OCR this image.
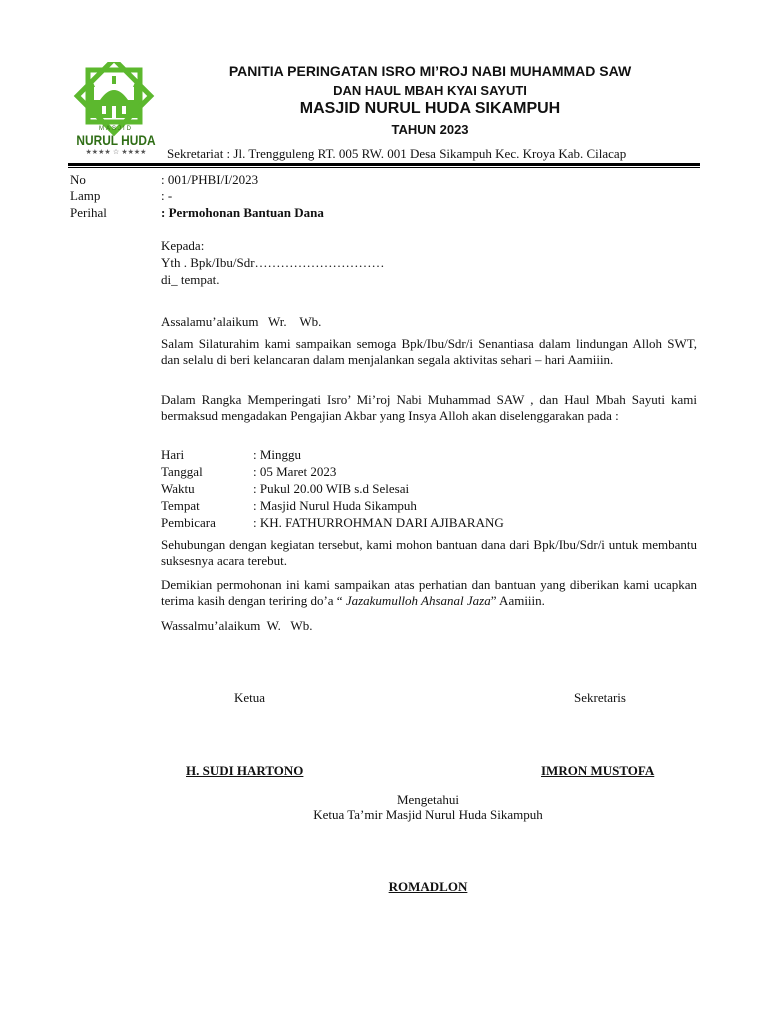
MASJID
NURUL HUDA
★★★★ ☆ ★★★★
PANITIA PERINGATAN ISRO MI’ROJ NABI MUHAMMAD SAW
DAN HAUL MBAH KYAI SAYUTI
MASJID NURUL HUDA SIKAMPUH
TAHUN 2023
Sekretariat : Jl. Trengguleng RT. 005 RW. 001 Desa Sikampuh Kec. Kroya Kab. Cilacap
No	: 001/PHBI/I/2023
Lamp	: -
Perihal	: Permohonan Bantuan Dana
Kepada:
Yth . Bpk/Ibu/Sdr…………………………
di_ tempat.
Assalamu’alaikum   Wr.    Wb.
Salam Silaturahim kami sampaikan semoga Bpk/Ibu/Sdr/i Senantiasa dalam lindungan Alloh SWT, dan selalu di beri kelancaran dalam menjalankan segala aktivitas sehari – hari Aamiiin.
Dalam Rangka Memperingati Isro’ Mi’roj Nabi Muhammad SAW , dan Haul Mbah Sayuti kami bermaksud mengadakan Pengajian Akbar yang Insya Alloh akan diselenggarakan pada :
Hari	: Minggu
Tanggal	: 05 Maret 2023
Waktu	: Pukul 20.00 WIB s.d Selesai
Tempat	: Masjid Nurul Huda Sikampuh
Pembicara	: KH. FATHURROHMAN DARI AJIBARANG
Sehubungan dengan kegiatan tersebut, kami mohon bantuan dana dari Bpk/Ibu/Sdr/i untuk membantu suksesnya acara terebut.
Demikian permohonan ini kami sampaikan atas perhatian dan bantuan yang diberikan kami ucapkan terima kasih dengan teriring do’a “ Jazakumulloh Ahsanal Jaza” Aamiiin.
Wassalmu’alaikum  W.   Wb.
Ketua	Sekretaris
H. SUDI HARTONO	IMRON MUSTOFA
Mengetahui
Ketua Ta’mir Masjid Nurul Huda Sikampuh
ROMADLON
